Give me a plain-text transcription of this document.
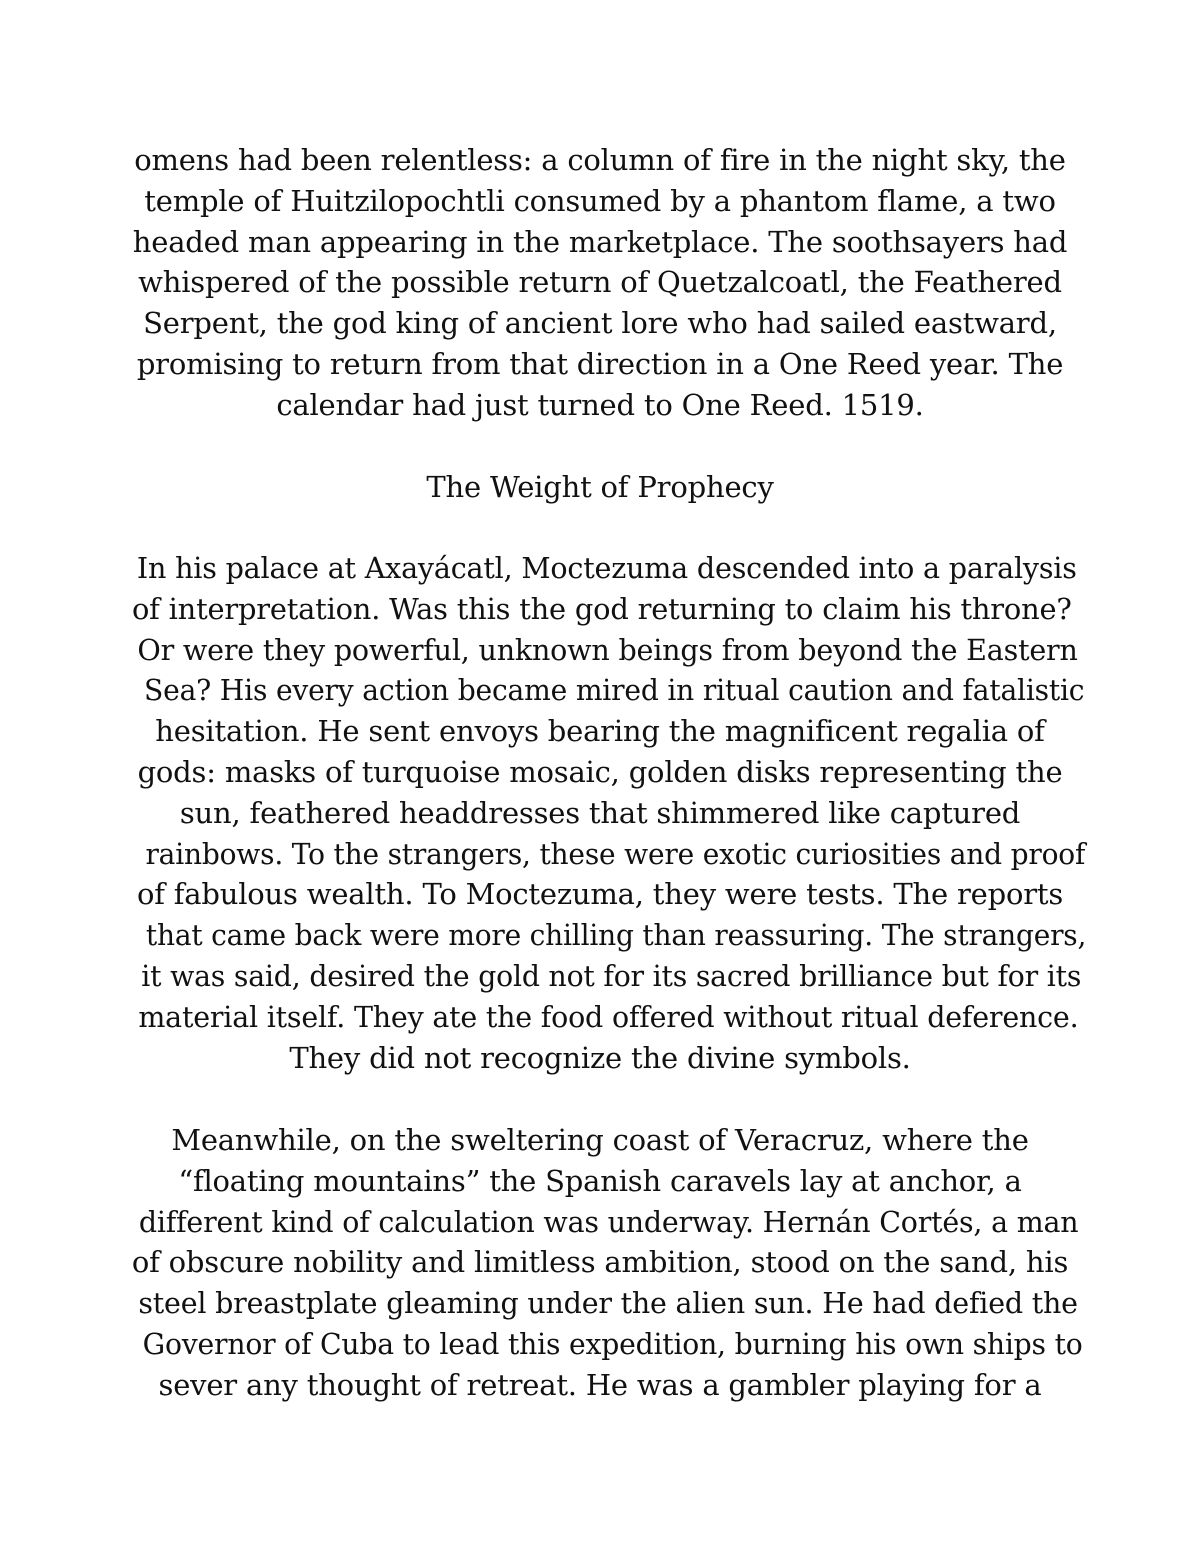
omens had been relentless: a column of fire in the night sky, the
temple of Huitzilopochtli consumed by a phantom flame, a two
headed man appearing in the marketplace. The soothsayers had
whispered of the possible return of Quetzalcoatl, the Feathered
Serpent, the god king of ancient lore who had sailed eastward,
promising to return from that direction in a One Reed year. The
calendar had just turned to One Reed. 1519.

The Weight of Prophecy

In his palace at Axayácatl, Moctezuma descended into a paralysis
of interpretation. Was this the god returning to claim his throne?
Or were they powerful, unknown beings from beyond the Eastern
Sea? His every action became mired in ritual caution and fatalistic
hesitation. He sent envoys bearing the magnificent regalia of
gods: masks of turquoise mosaic, golden disks representing the
sun, feathered headdresses that shimmered like captured
rainbows. To the strangers, these were exotic curiosities and proof
of fabulous wealth. To Moctezuma, they were tests. The reports
that came back were more chilling than reassuring. The strangers,
it was said, desired the gold not for its sacred brilliance but for its
material itself. They ate the food offered without ritual deference.
They did not recognize the divine symbols.

Meanwhile, on the sweltering coast of Veracruz, where the
“floating mountains” the Spanish caravels lay at anchor, a
different kind of calculation was underway. Hernán Cortés, a man
of obscure nobility and limitless ambition, stood on the sand, his
steel breastplate gleaming under the alien sun. He had defied the
Governor of Cuba to lead this expedition, burning his own ships to
sever any thought of retreat. He was a gambler playing for a
